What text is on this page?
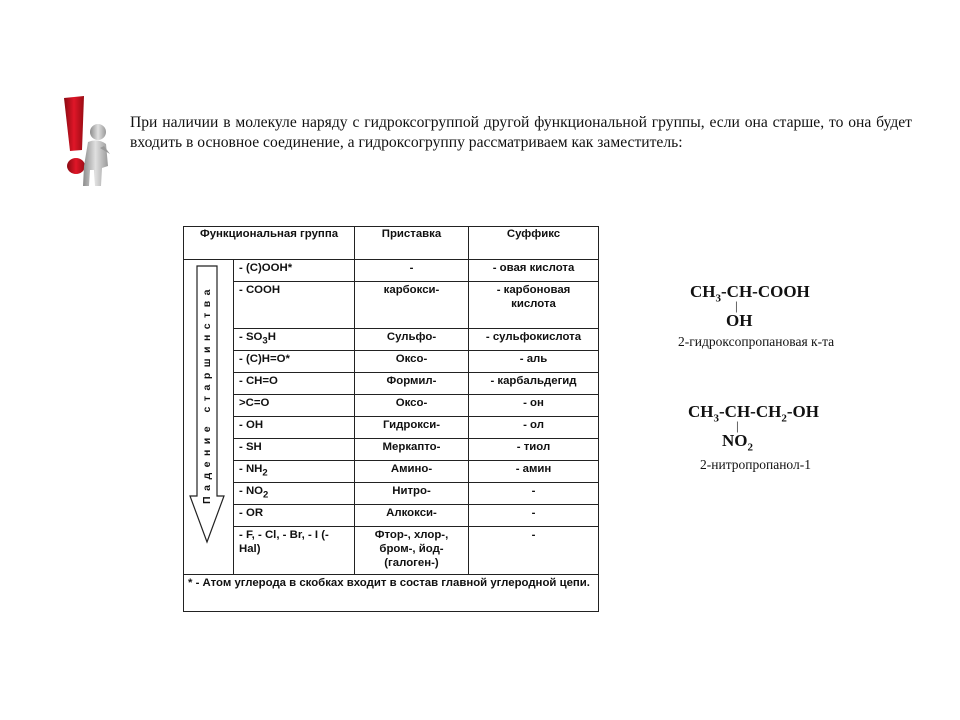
При наличии в молекуле наряду с гидроксогруппой другой функциональной группы, если она старше, то она будет входить в основное соединение, а гидроксогруппу рассматриваем как заместитель:

Функциональная группа		Приставка	Суффикс

Падение старшинства	- (C)OOH*	-	- овая кислота
	- COOH	карбокси-	- карбоновая кислота
	- $SO_3H$	Сульфо-	- сульфокислота
	- (C)H=O*	Оксо-	- аль
	- CH=O	Формил-	- карбальдегид
	>C=O	Оксо-	- он
	- OH	Гидрокси-	- ол
	- SH	Меркапто-	- тиол
	- $NH_2$	Амино-	- амин
	- $NO_2$	Нитро-	-
	- OR	Алкокси-	-
	- F, - Cl, - Br, - I (- Hal)	Фтор-, хлор-, бром-, йод- (галоген-)	-
* - Атом углерода в скобках входит в состав главной углеродной цепи.			
$CH_3-CH$-COOH
|
OH
2-гидроксопропановая к-та
$CH_3-CH-CH_2-OH$
|
$NO_2$
2-нитропропанол-1
